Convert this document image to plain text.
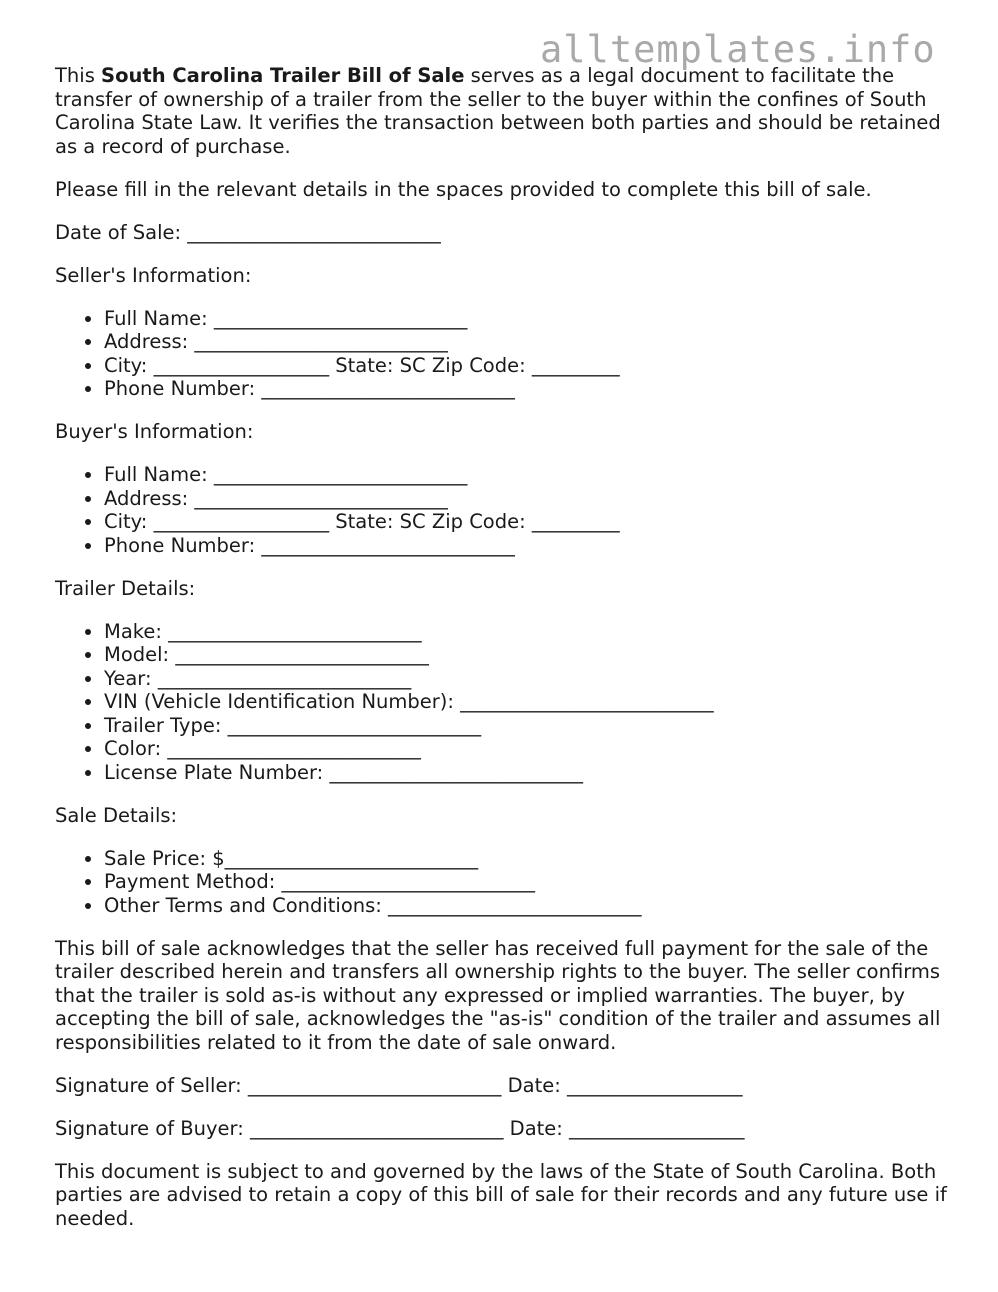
alltemplates.info

This South Carolina Trailer Bill of Sale serves as a legal document to facilitate the transfer of ownership of a trailer from the seller to the buyer within the confines of South Carolina State Law. It verifies the transaction between both parties and should be retained as a record of purchase.

Please fill in the relevant details in the spaces provided to complete this bill of sale.

Date of Sale: __________________________

Seller's Information:

• Full Name: __________________________
• Address: __________________________
• City: __________________ State: SC Zip Code: _________
• Phone Number: __________________________

Buyer's Information:

• Full Name: __________________________
• Address: __________________________
• City: __________________ State: SC Zip Code: _________
• Phone Number: __________________________

Trailer Details:

• Make: __________________________
• Model: __________________________
• Year: __________________________
• VIN (Vehicle Identification Number): __________________________
• Trailer Type: __________________________
• Color: __________________________
• License Plate Number: __________________________

Sale Details:

• Sale Price: $__________________________
• Payment Method: __________________________
• Other Terms and Conditions: __________________________

This bill of sale acknowledges that the seller has received full payment for the sale of the trailer described herein and transfers all ownership rights to the buyer. The seller confirms that the trailer is sold as-is without any expressed or implied warranties. The buyer, by accepting the bill of sale, acknowledges the "as-is" condition of the trailer and assumes all responsibilities related to it from the date of sale onward.

Signature of Seller: __________________________ Date: __________________

Signature of Buyer: __________________________ Date: __________________

This document is subject to and governed by the laws of the State of South Carolina. Both parties are advised to retain a copy of this bill of sale for their records and any future use if needed.
